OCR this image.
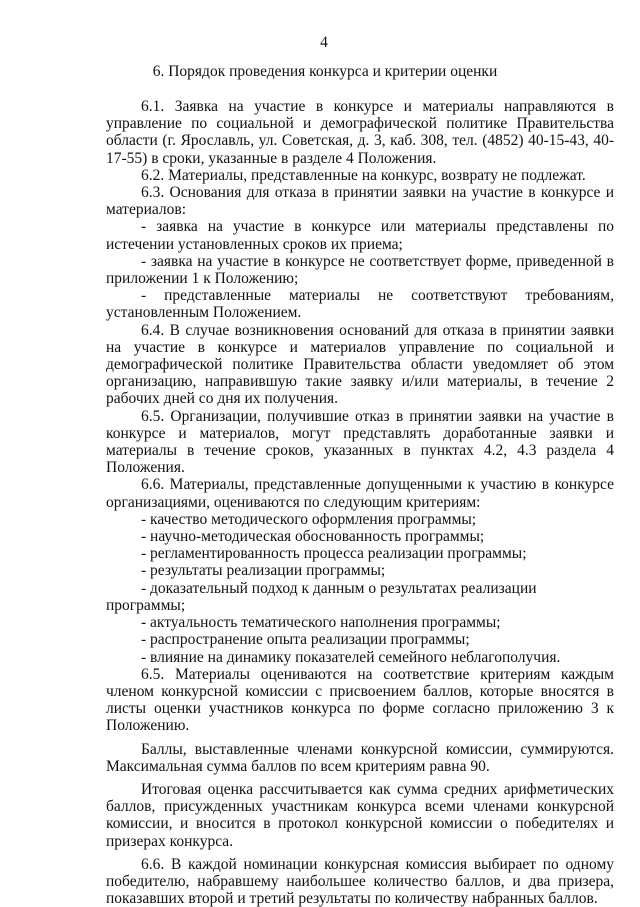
4
6. Порядок проведения конкурса и критерии оценки

6.1. Заявка на участие в конкурсе и материалы направляются в управление по социальной и демографической политике Правительства области (г. Ярославль, ул. Советская, д. 3, каб. 308, тел. (4852) 40-15-43, 40-17-55) в сроки, указанные в разделе 4 Положения.

6.2. Материалы, представленные на конкурс, возврату не подлежат.

6.3. Основания для отказа в принятии заявки на участие в конкурсе и материалов:

- заявка на участие в конкурсе или материалы представлены по истечении установленных сроков их приема;

- заявка на участие в конкурсе не соответствует форме, приведенной в приложении 1 к Положению;

- представленные материалы не соответствуют требованиям, установленным Положением.

6.4. В случае возникновения оснований для отказа в принятии заявки на участие в конкурсе и материалов управление по социальной и демографической политике Правительства области уведомляет об этом организацию, направившую такие заявку и/или материалы, в течение 2 рабочих дней со дня их получения.

6.5. Организации, получившие отказ в принятии заявки на участие в конкурсе и материалов, могут представлять доработанные заявки и материалы в течение сроков, указанных в пунктах 4.2, 4.3 раздела 4 Положения.

6.6. Материалы, представленные допущенными к участию в конкурсе организациями, оцениваются по следующим критериям:

- качество методического оформления программы;

- научно-методическая обоснованность программы;

- регламентированность процесса реализации программы;

- результаты реализации программы;

- доказательный подход к данным о результатах реализации программы;

- актуальность тематического наполнения программы;

- распространение опыта реализации программы;

- влияние на динамику показателей семейного неблагополучия.

6.5. Материалы оцениваются на соответствие критериям каждым членом конкурсной комиссии с присвоением баллов, которые вносятся в листы оценки участников конкурса по форме согласно приложению 3 к Положению.

Баллы, выставленные членами конкурсной комиссии, суммируются. Максимальная сумма баллов по всем критериям равна 90.

Итоговая оценка рассчитывается как сумма средних арифметических баллов, присужденных участникам конкурса всеми членами конкурсной комиссии, и вносится в протокол конкурсной комиссии о победителях и призерах конкурса.

6.6. В каждой номинации конкурсная комиссия выбирает по одному победителю, набравшему наибольшее количество баллов, и два призера, показавших второй и третий результаты по количеству набранных баллов.
